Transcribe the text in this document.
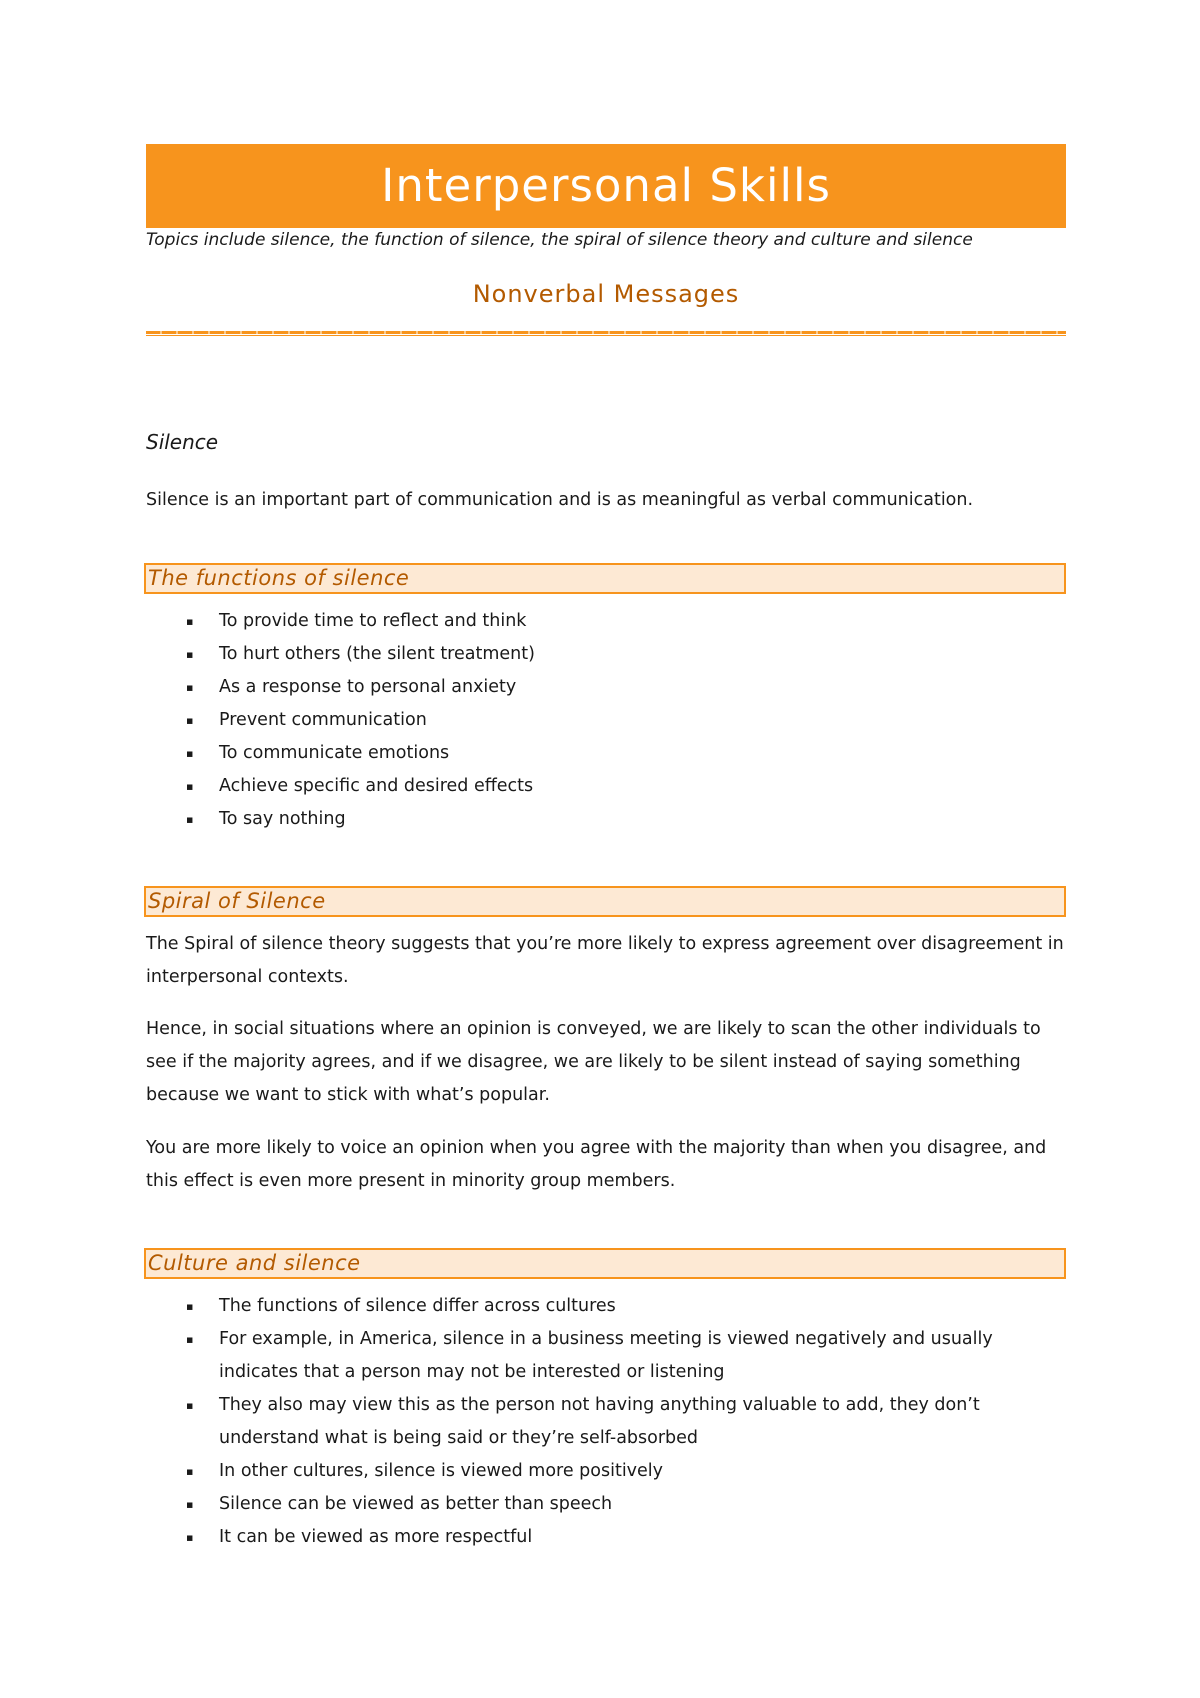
Interpersonal Skills
Topics include silence, the function of silence, the spiral of silence theory and culture and silence
Nonverbal Messages
Silence
Silence is an important part of communication and is as meaningful as verbal communication.
The functions of silence
▪ To provide time to reflect and think
▪ To hurt others (the silent treatment)
▪ As a response to personal anxiety
▪ Prevent communication
▪ To communicate emotions
▪ Achieve specific and desired effects
▪ To say nothing
Spiral of Silence
The Spiral of silence theory suggests that you’re more likely to express agreement over disagreement in interpersonal contexts.
Hence, in social situations where an opinion is conveyed, we are likely to scan the other individuals to see if the majority agrees, and if we disagree, we are likely to be silent instead of saying something because we want to stick with what’s popular.
You are more likely to voice an opinion when you agree with the majority than when you disagree, and this effect is even more present in minority group members.
Culture and silence
▪ The functions of silence differ across cultures
▪ For example, in America, silence in a business meeting is viewed negatively and usually indicates that a person may not be interested or listening
▪ They also may view this as the person not having anything valuable to add, they don’t understand what is being said or they’re self-absorbed
▪ In other cultures, silence is viewed more positively
▪ Silence can be viewed as better than speech
▪ It can be viewed as more respectful
